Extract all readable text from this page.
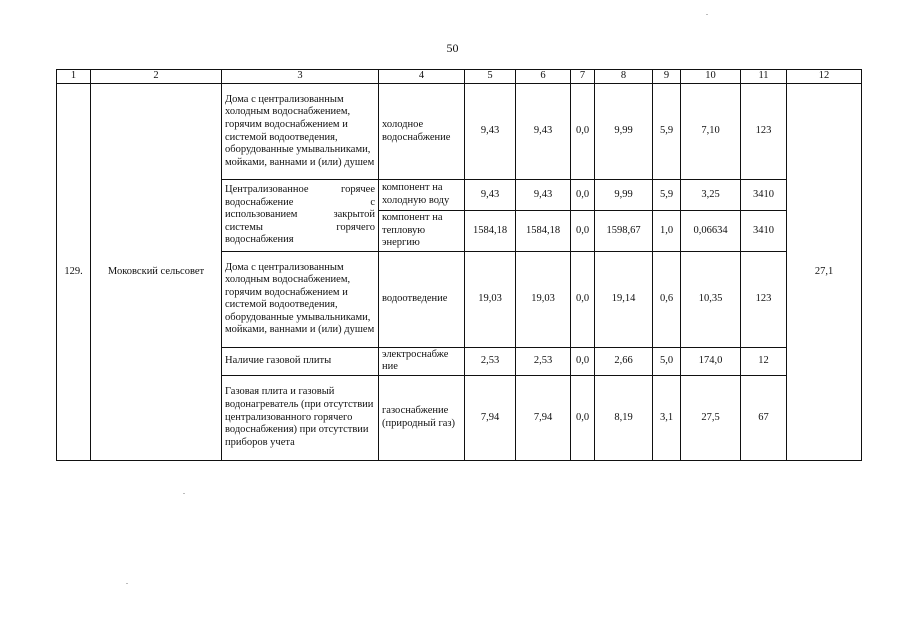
50
1	2	3	4	5	6	7	8	9	10	11	12
129.	Моковский сельсовет	Дома с централизованным холодным водоснабжением, горячим водоснабжением и системой водоотведения, оборудованные умывальниками, мойками, ваннами и (или) душем	холодное водоснабжение	9,43	9,43	0,0	9,99	5,9	7,10	123	27,1
		Централизованное горячее водоснабжение с использованием закрытой системы горячего водоснабжения	компонент на холодную воду	9,43	9,43	0,0	9,99	5,9	3,25	3410	
			компонент на тепловую энергию	1584,18	1584,18	0,0	1598,67	1,0	0,06634	3410	
		Дома с централизованным холодным водоснабжением, горячим водоснабжением и системой водоотведения, оборудованные умывальниками, мойками, ваннами и (или) душем	водоотведение	19,03	19,03	0,0	19,14	0,6	10,35	123	
		Наличие газовой плиты	электроснабже ние	2,53	2,53	0,0	2,66	5,0	174,0	12	
		Газовая плита и газовый водонагреватель (при отсутствии централизованного горячего водоснабжения) при отсутствии приборов учета	газоснабжение (природный газ)	7,94	7,94	0,0	8,19	3,1	27,5	67	
